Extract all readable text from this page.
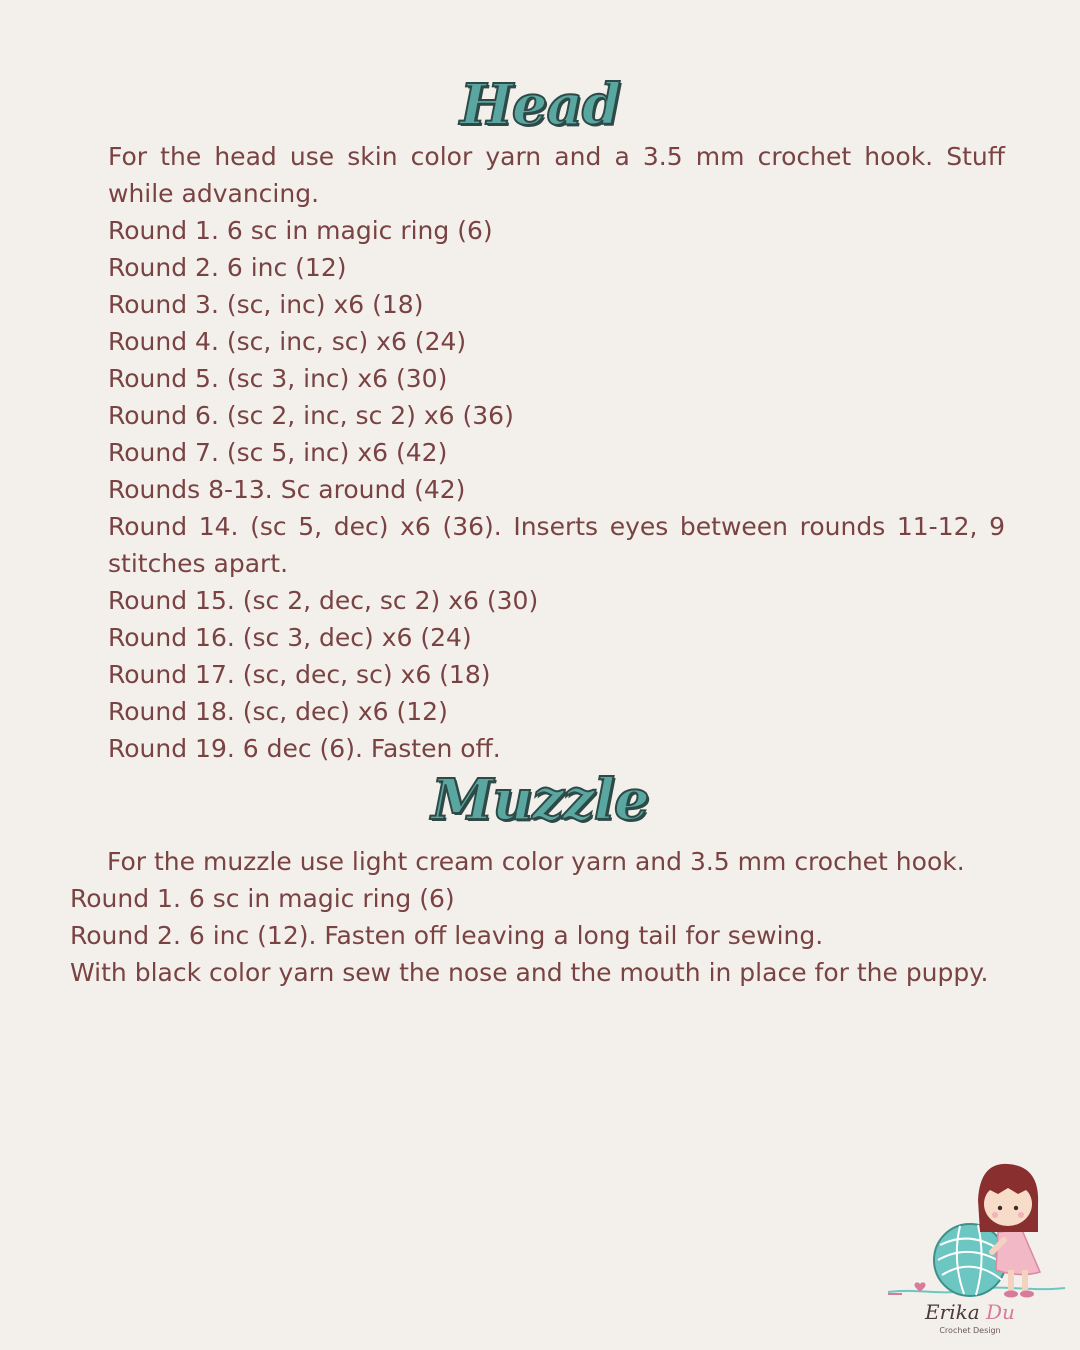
Head
For the head use skin color yarn and a 3.5 mm crochet hook. Stuff while advancing.
Round 1. 6 sc in magic ring (6)
Round 2. 6 inc (12)
Round 3. (sc, inc) x6 (18)
Round 4. (sc, inc, sc) x6 (24)
Round 5. (sc 3, inc) x6 (30)
Round 6. (sc 2, inc, sc 2) x6 (36)
Round 7. (sc 5, inc) x6 (42)
Rounds 8-13. Sc around (42)
Round 14. (sc 5, dec) x6 (36). Inserts eyes between rounds 11-12, 9 stitches apart.
Round 15. (sc 2, dec, sc 2) x6 (30)
Round 16. (sc 3, dec) x6 (24)
Round 17. (sc, dec, sc) x6 (18)
Round 18. (sc, dec) x6 (12)
Round 19. 6 dec (6). Fasten off.
Muzzle
For the muzzle use light cream color yarn and 3.5 mm crochet hook.
Round 1. 6 sc in magic ring (6)
Round 2. 6 inc (12). Fasten off leaving a long tail for sewing.
With black color yarn sew the nose and the mouth in place for the puppy.
Erika Du
Crochet Design
